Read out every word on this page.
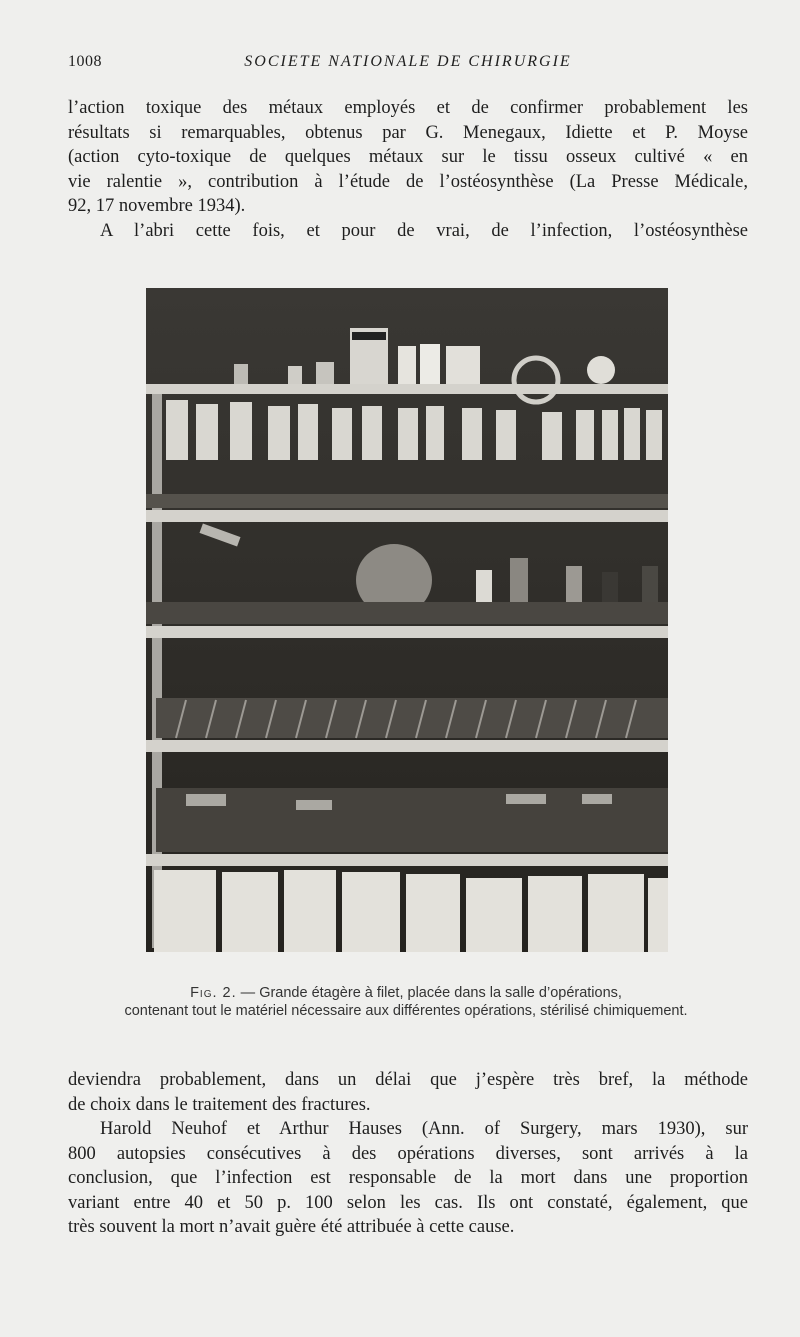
1008	SOCIETE NATIONALE DE CHIRURGIE
l’action toxique des métaux employés et de confirmer probablement les
résultats si remarquables, obtenus par G. Menegaux, Idiette et P. Moyse
(action cyto-toxique de quelques métaux sur le tissu osseux cultivé « en
vie ralentie », contribution à l’étude de l’ostéosynthèse (La Presse Médicale,
92, 17 novembre 1934).
A l’abri cette fois, et pour de vrai, de l’infection, l’ostéosynthèse

Fig. 2. — Grande étagère à filet, placée dans la salle d’opérations,
contenant tout le matériel nécessaire aux différentes opérations, stérilisé chimiquement.

deviendra probablement, dans un délai que j’espère très bref, la méthode
de choix dans le traitement des fractures.
Harold Neuhof et Arthur Hauses (Ann. of Surgery, mars 1930), sur
800 autopsies consécutives à des opérations diverses, sont arrivés à la
conclusion, que l’infection est responsable de la mort dans une proportion
variant entre 40 et 50 p. 100 selon les cas. Ils ont constaté, également, que
très souvent la mort n’avait guère été attribuée à cette cause.
